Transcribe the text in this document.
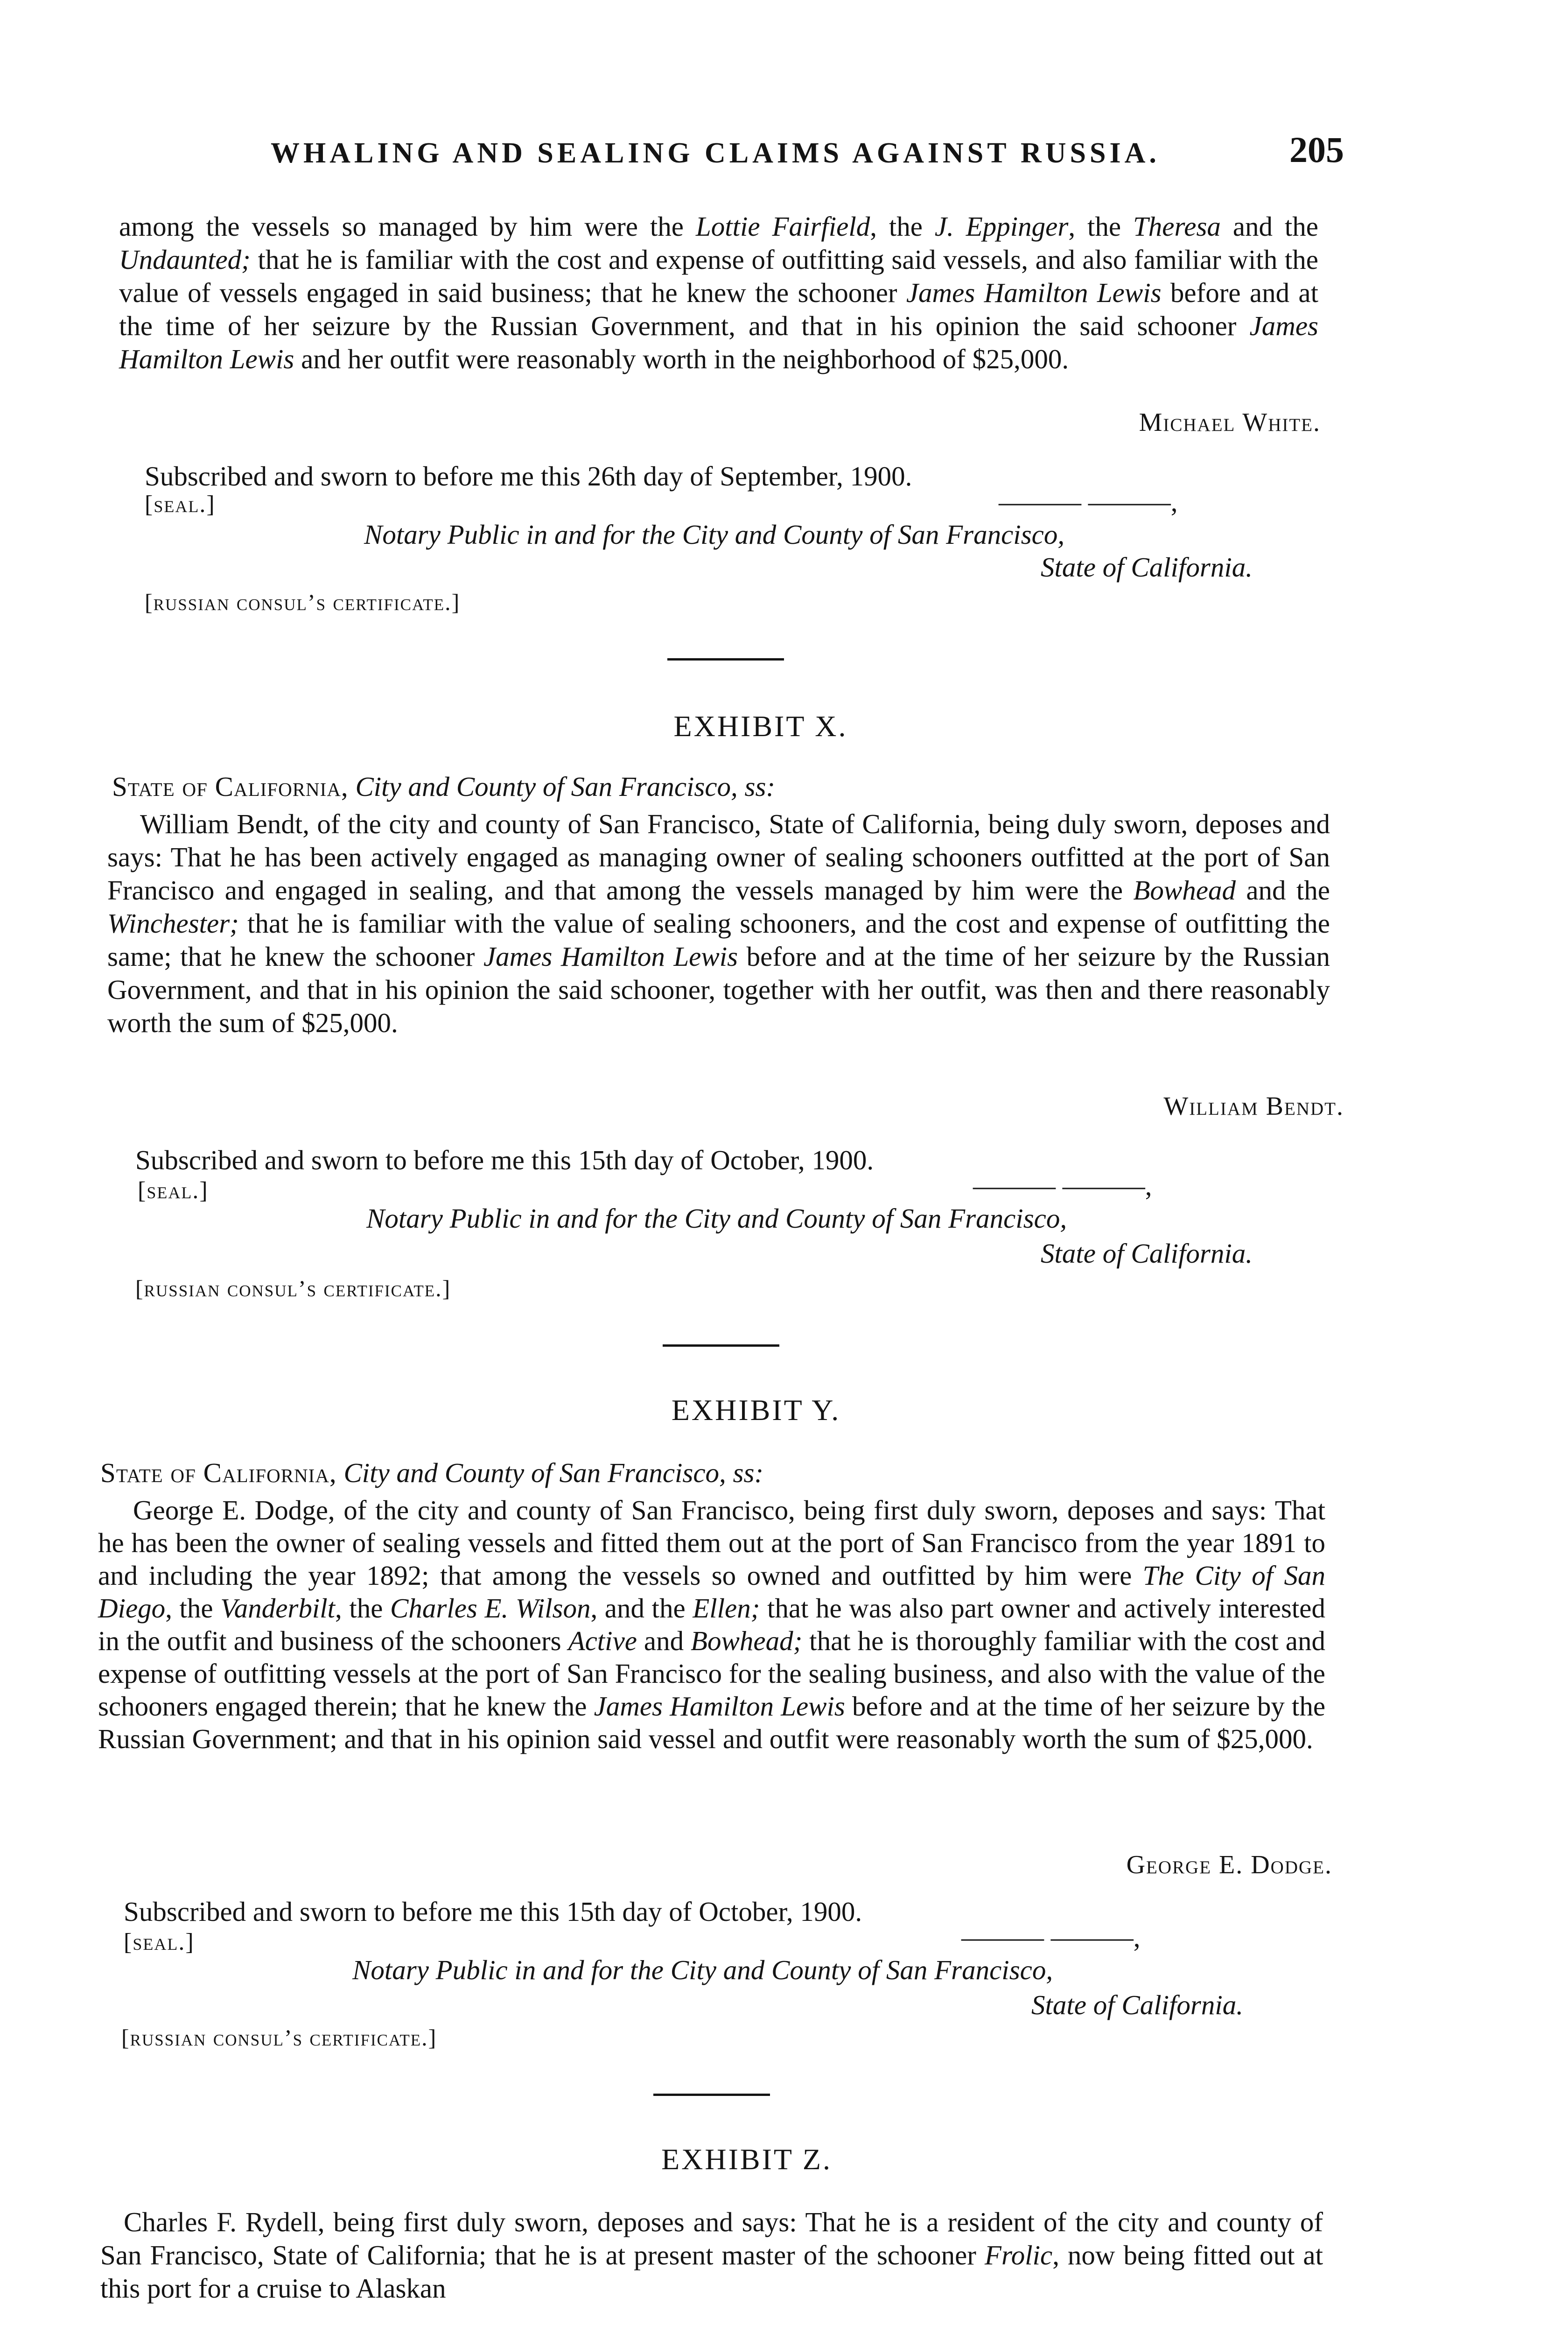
WHALING AND SEALING CLAIMS AGAINST RUSSIA.	205

among the vessels so managed by him were the Lottie Fairfield, the J. Eppinger, the Theresa and the Undaunted; that he is familiar with the cost and expense of outfitting said vessels, and also familiar with the value of vessels engaged in said business; that he knew the schooner James Hamilton Lewis before and at the time of her seizure by the Russian Government, and that in his opinion the said schooner James Hamilton Lewis and her outfit were reasonably worth in the neighborhood of $25,000.

Michael White.
Subscribed and sworn to before me this 26th day of September, 1900.
[seal.]	——— ———,
Notary Public in and for the City and County of San Francisco,
State of California.
[russian consul’s certificate.]
EXHIBIT X.
State of California, City and County of San Francisco, ss:

William Bendt, of the city and county of San Francisco, State of California, being duly sworn, deposes and says: That he has been actively engaged as managing owner of sealing schooners outfitted at the port of San Francisco and engaged in sealing, and that among the vessels managed by him were the Bowhead and the Winchester; that he is familiar with the value of sealing schooners, and the cost and expense of outfitting the same; that he knew the schooner James Hamilton Lewis before and at the time of her seizure by the Russian Government, and that in his opinion the said schooner, together with her outfit, was then and there reasonably worth the sum of $25,000.

William Bendt.
Subscribed and sworn to before me this 15th day of October, 1900.
[seal.]	——— ———,
Notary Public in and for the City and County of San Francisco,
State of California.
[russian consul’s certificate.]
EXHIBIT Y.
State of California, City and County of San Francisco, ss:

George E. Dodge, of the city and county of San Francisco, being first duly sworn, deposes and says: That he has been the owner of sealing vessels and fitted them out at the port of San Francisco from the year 1891 to and including the year 1892; that among the vessels so owned and outfitted by him were The City of San Diego, the Vanderbilt, the Charles E. Wilson, and the Ellen; that he was also part owner and actively interested in the outfit and business of the schooners Active and Bowhead; that he is thoroughly familiar with the cost and expense of outfitting vessels at the port of San Francisco for the sealing business, and also with the value of the schooners engaged therein; that he knew the James Hamilton Lewis before and at the time of her seizure by the Russian Government; and that in his opinion said vessel and outfit were reasonably worth the sum of $25,000.

George E. Dodge.
Subscribed and sworn to before me this 15th day of October, 1900.
[seal.]	——— ———,
Notary Public in and for the City and County of San Francisco,
State of California.
[russian consul’s certificate.]
EXHIBIT Z.

Charles F. Rydell, being first duly sworn, deposes and says: That he is a resident of the city and county of San Francisco, State of California; that he is at present master of the schooner Frolic, now being fitted out at this port for a cruise to Alaskan
